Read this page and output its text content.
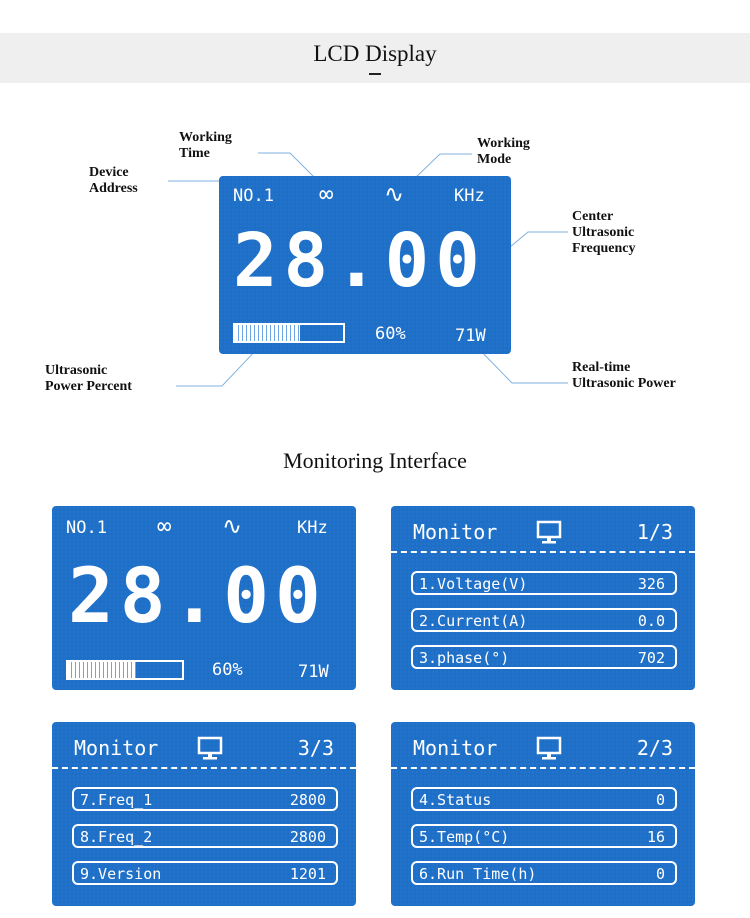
LCD Display
Device
Address
Working
Time
Working
Mode
Center
Ultrasonic
Frequency
Ultrasonic
Power Percent
Real-time
Ultrasonic Power
NO.1 ∞ ∿	KHz
28.00
60%	71W
Monitoring Interface
NO.1 ∞ ∿	KHz
28.00
60%	71W
Monitor	1/3
1.Voltage(V)	326
2.Current(A)	0.0
3.phase(°)	702
Monitor	3/3
7.Freq_1	2800
8.Freq_2	2800
9.Version	1201
Monitor	2/3
4.Status	0
5.Temp(°C)	16
6.Run Time(h)	0
